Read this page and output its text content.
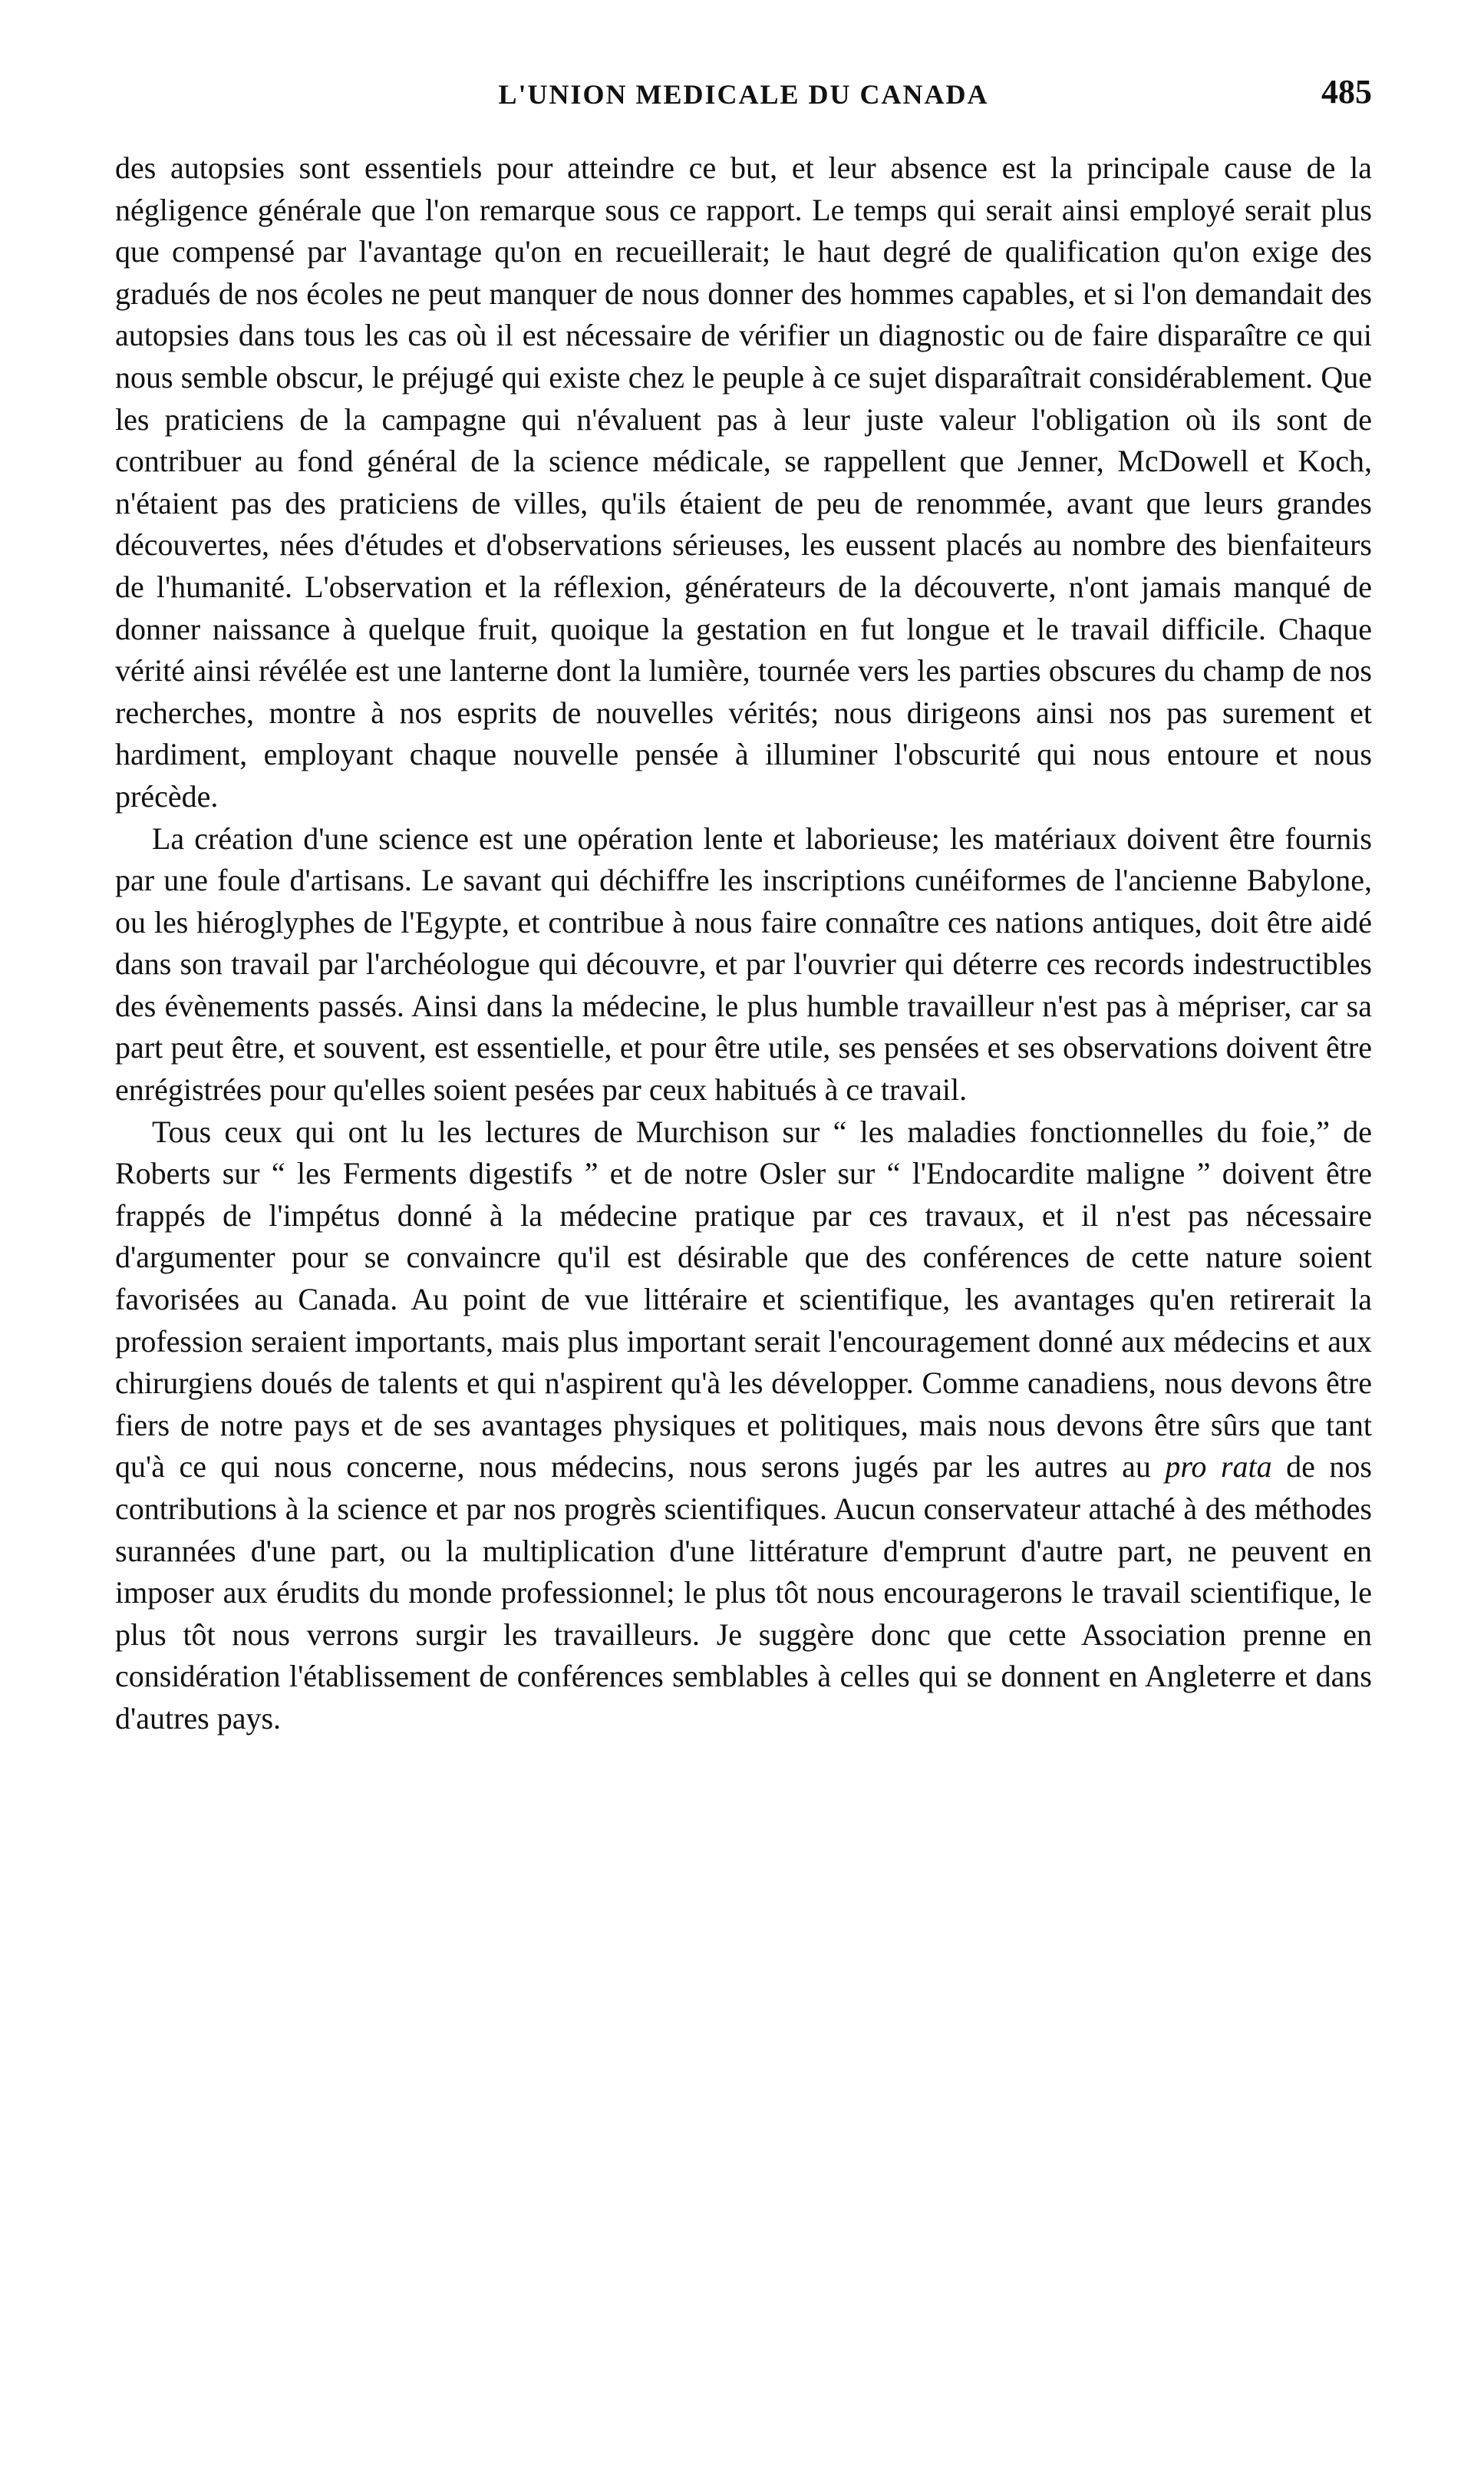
L'UNION MEDICALE DU CANADA	485

des autopsies sont essentiels pour atteindre ce but, et leur absence est la principale cause de la négligence générale que l'on remarque sous ce rapport. Le temps qui serait ainsi employé serait plus que compensé par l'avantage qu'on en recueillerait; le haut degré de qualification qu'on exige des gradués de nos écoles ne peut manquer de nous donner des hommes capables, et si l'on demandait des autopsies dans tous les cas où il est nécessaire de vérifier un diagnostic ou de faire disparaître ce qui nous semble obscur, le préjugé qui existe chez le peuple à ce sujet disparaîtrait considérablement. Que les praticiens de la campagne qui n'évaluent pas à leur juste valeur l'obligation où ils sont de contribuer au fond général de la science médicale, se rappellent que Jenner, McDowell et Koch, n'étaient pas des praticiens de villes, qu'ils étaient de peu de renommée, avant que leurs grandes découvertes, nées d'études et d'observations sérieuses, les eussent placés au nombre des bienfaiteurs de l'humanité. L'observation et la réflexion, générateurs de la découverte, n'ont jamais manqué de donner naissance à quelque fruit, quoique la gestation en fut longue et le travail difficile. Chaque vérité ainsi révélée est une lanterne dont la lumière, tournée vers les parties obscures du champ de nos recherches, montre à nos esprits de nouvelles vérités; nous dirigeons ainsi nos pas surement et hardiment, employant chaque nouvelle pensée à illuminer l'obscurité qui nous entoure et nous précède.

La création d'une science est une opération lente et laborieuse; les matériaux doivent être fournis par une foule d'artisans. Le savant qui déchiffre les inscriptions cunéiformes de l'ancienne Babylone, ou les hiéroglyphes de l'Egypte, et contribue à nous faire connaître ces nations antiques, doit être aidé dans son travail par l'archéologue qui découvre, et par l'ouvrier qui déterre ces records indestructibles des évènements passés. Ainsi dans la médecine, le plus humble travailleur n'est pas à mépriser, car sa part peut être, et souvent, est essentielle, et pour être utile, ses pensées et ses observations doivent être enrégistrées pour qu'elles soient pesées par ceux habitués à ce travail.

Tous ceux qui ont lu les lectures de Murchison sur “ les maladies fonctionnelles du foie,” de Roberts sur “ les Ferments digestifs ” et de notre Osler sur “ l'Endocardite maligne ” doivent être frappés de l'impétus donné à la médecine pratique par ces travaux, et il n'est pas nécessaire d'argumenter pour se convaincre qu'il est désirable que des conférences de cette nature soient favorisées au Canada. Au point de vue littéraire et scientifique, les avantages qu'en retirerait la profession seraient importants, mais plus important serait l'encouragement donné aux médecins et aux chirurgiens doués de talents et qui n'aspirent qu'à les développer. Comme canadiens, nous devons être fiers de notre pays et de ses avantages physiques et politiques, mais nous devons être sûrs que tant qu'à ce qui nous concerne, nous médecins, nous serons jugés par les autres au pro rata de nos contributions à la science et par nos progrès scientifiques. Aucun conservateur attaché à des méthodes surannées d'une part, ou la multiplication d'une littérature d'emprunt d'autre part, ne peuvent en imposer aux érudits du monde professionnel; le plus tôt nous encouragerons le travail scientifique, le plus tôt nous verrons surgir les travailleurs. Je suggère donc que cette Association prenne en considération l'établissement de conférences semblables à celles qui se donnent en Angleterre et dans d'autres pays.
